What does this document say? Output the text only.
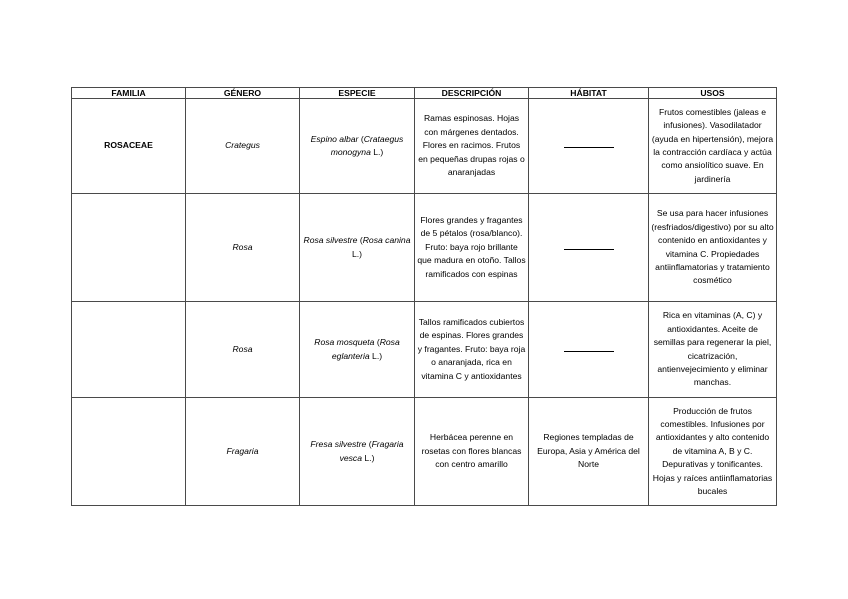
FAMILIA	GÉNERO	ESPECIE	DESCRIPCIÓN	HÁBITAT	USOS
ROSACEAE	Crategus	Espino albar (Crataegus monogyna L.)	Ramas espinosas. Hojas con márgenes dentados. Flores en racimos. Frutos en pequeñas drupas rojas o anaranjadas		Frutos comestibles (jaleas e infusiones). Vasodilatador (ayuda en hipertensión), mejora la contracción cardíaca y actúa como ansiolítico suave. En jardinería
	Rosa	Rosa silvestre (Rosa canina L.)	Flores grandes y fragantes de 5 pétalos (rosa/blanco). Fruto: baya rojo brillante que madura en otoño. Tallos ramificados con espinas		Se usa para hacer infusiones (resfriados/digestivo) por su alto contenido en antioxidantes y vitamina C. Propiedades antiinflamatorias y tratamiento cosmético
	Rosa	Rosa mosqueta (Rosa eglanteria L.)	Tallos ramificados cubiertos de espinas. Flores grandes y fragantes. Fruto: baya roja o anaranjada, rica en vitamina C y antioxidantes		Rica en vitaminas (A, C) y antioxidantes. Aceite de semillas para regenerar la piel, cicatrización, antienvejecimiento y eliminar manchas.
	Fragaria	Fresa silvestre (Fragaria vesca L.)	Herbácea perenne en rosetas con flores blancas con centro amarillo	Regiones templadas de Europa, Asia y América del Norte	Producción de frutos comestibles. Infusiones por antioxidantes y alto contenido de vitamina A, B y C. Depurativas y tonificantes. Hojas y raíces antiinflamatorias bucales
